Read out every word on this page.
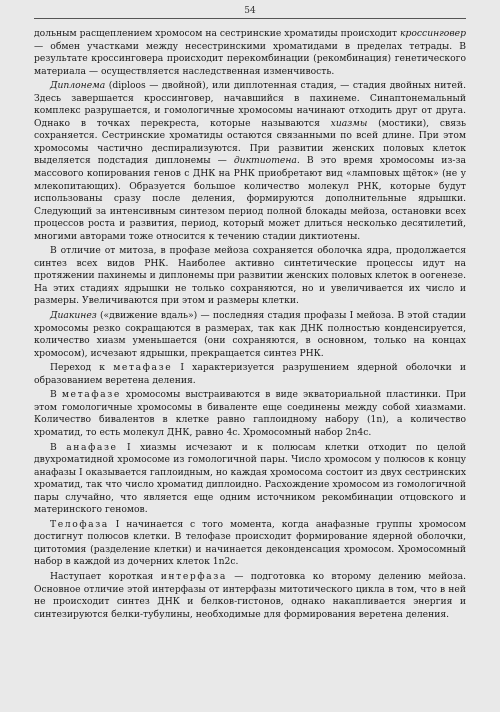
54

дольным расщеплением хромосом на сестринские хроматиды происходит кроссинговер — обмен участками между несестринскими хроматидами в пределах тетрады. В результате кроссинговера происходит перекомбинации (рекомбинация) генетического материала — осуществляется наследственная изменчивость.

Диплонема (diploos — двойной), или диплотенная стадия, — стадия двойных нитей. Здесь завершается кроссинговер, начавшийся в пахинеме. Синаптонемальный комплекс разрушается, и гомологичные хромосомы начинают отходить друг от друга. Однако в точках перекреста, которые называются хиазмы (мостики), связь сохраняется. Сестринские хроматиды остаются связанными по всей длине. При этом хромосомы частично деспирализуются. При развитии женских половых клеток выделяется подстадия диплонемы — диктиотена. В это время хромосомы из-за массового копирования генов с ДНК на РНК приобретают вид «ламповых щёток» (не у млекопитающих). Образуется большое количество молекул РНК, которые будут использованы сразу после деления, формируются дополнительные ядрышки. Следующий за интенсивным синтезом период полной блокады мейоза, остановки всех процессов роста и развития, период, который может длиться несколько десятилетий, многими авторами тоже относится к течению стадии диктиотены.

В отличие от митоза, в профазе мейоза сохраняется оболочка ядра, продолжается синтез всех видов РНК. Наиболее активно синтетические процессы идут на протяжении пахинемы и диплонемы при развитии женских половых клеток в оогенезе. На этих стадиях ядрышки не только сохраняются, но и увеличивается их число и размеры. Увеличиваются при этом и размеры клетки.

Диакинез («движение вдаль») — последняя стадия профазы I мейоза. В этой стадии хромосомы резко сокращаются в размерах, так как ДНК полностью конденсируется, количество хиазм уменьшается (они сохраняются, в основном, только на концах хромосом), исчезают ядрышки, прекращается синтез РНК.

Переход к метафазе I характеризуется разрушением ядерной оболочки и образованием веретена деления.

В метафазе хромосомы выстраиваются в виде экваториальной пластинки. При этом гомологичные хромосомы в биваленте еще соединены между собой хиазмами. Количество бивалентов в клетке равно гаплоидному набору (1n), а количество хроматид, то есть молекул ДНК, равно 4с. Хромосомный набор 2n4c.

В анафазе I хиазмы исчезают и к полюсам клетки отходит по целой двухроматидной хромосоме из гомологичной пары. Число хромосом у полюсов к концу анафазы I оказывается гаплоидным, но каждая хромосома состоит из двух сестринских хроматид, так что число хроматид диплоидно. Расхождение хромосом из гомологичной пары случайно, что является еще одним источником рекомбинации отцовского и материнского геномов.

Телофаза I начинается с того момента, когда анафазные группы хромосом достигнут полюсов клетки. В телофазе происходит формирование ядерной оболочки, цитотомия (разделение клетки) и начинается деконденсация хромосом. Хромосомный набор в каждой из дочерних клеток 1n2c.

Наступает короткая интерфаза — подготовка ко второму делению мейоза. Основное отличие этой интерфазы от интерфазы митотического цикла в том, что в ней не происходит синтез ДНК и белков-гистонов, однако накапливается энергия и синтезируются белки-тубулины, необходимые для формирования веретена деления.
